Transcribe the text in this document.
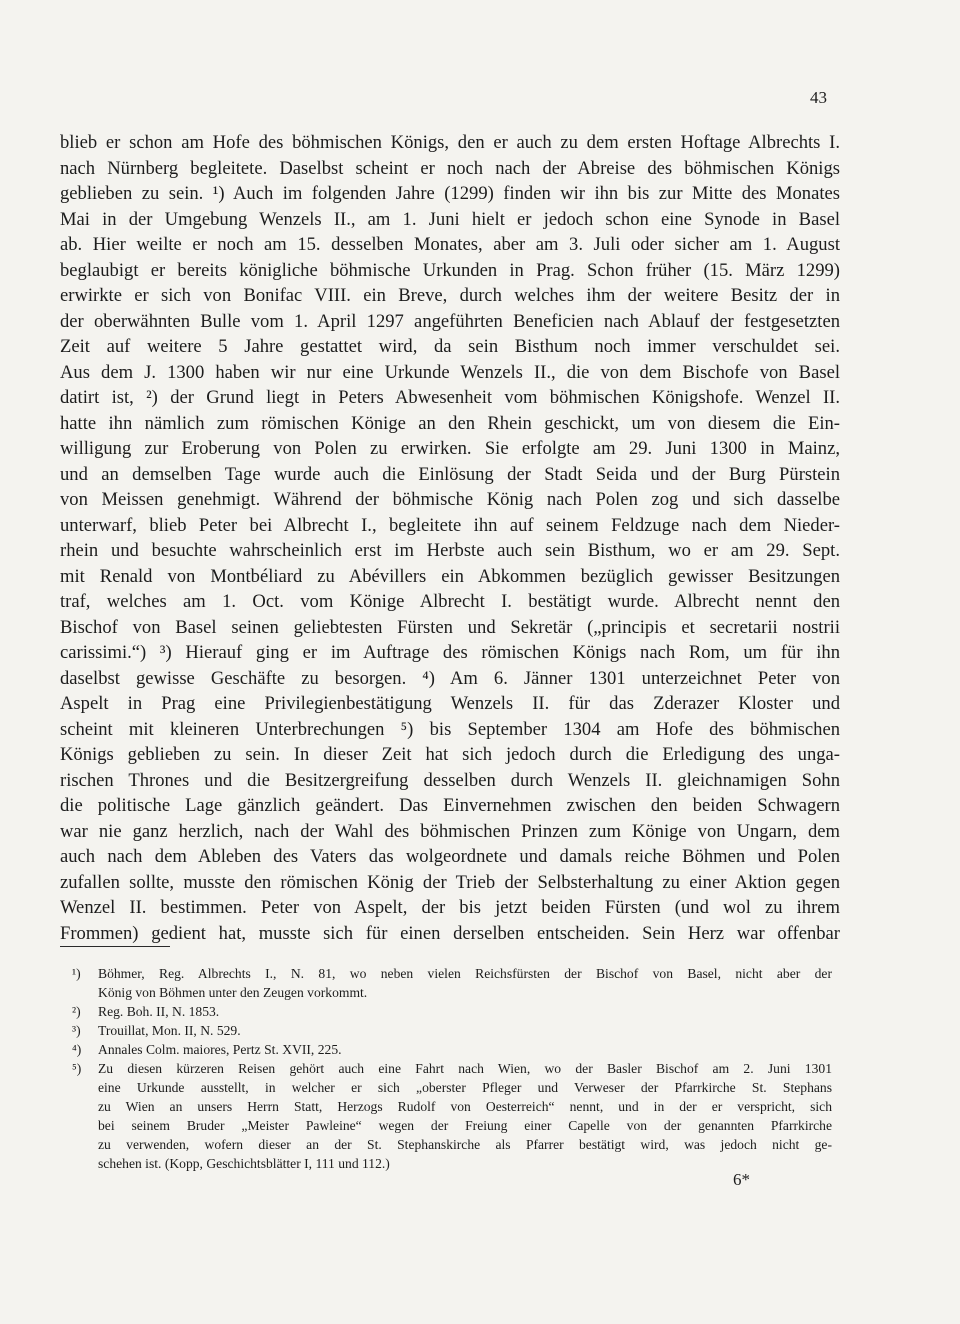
43
blieb er schon am Hofe des böhmischen Königs, den er auch zu dem ersten Hoftage Albrechts I.
nach Nürnberg begleitete. Daselbst scheint er noch nach der Abreise des böhmischen Königs
geblieben zu sein. ¹) Auch im folgenden Jahre (1299) finden wir ihn bis zur Mitte des Monates
Mai in der Umgebung Wenzels II., am 1. Juni hielt er jedoch schon eine Synode in Basel
ab. Hier weilte er noch am 15. desselben Monates, aber am 3. Juli oder sicher am 1. August
beglaubigt er bereits königliche böhmische Urkunden in Prag. Schon früher (15. März 1299)
erwirkte er sich von Bonifac VIII. ein Breve, durch welches ihm der weitere Besitz der in
der oberwähnten Bulle vom 1. April 1297 angeführten Beneficien nach Ablauf der festgesetzten
Zeit auf weitere 5 Jahre gestattet wird, da sein Bisthum noch immer verschuldet sei.
Aus dem J. 1300 haben wir nur eine Urkunde Wenzels II., die von dem Bischofe von Basel
datirt ist, ²) der Grund liegt in Peters Abwesenheit vom böhmischen Königshofe. Wenzel II.
hatte ihn nämlich zum römischen Könige an den Rhein geschickt, um von diesem die Ein-
willigung zur Eroberung von Polen zu erwirken. Sie erfolgte am 29. Juni 1300 in Mainz,
und an demselben Tage wurde auch die Einlösung der Stadt Seida und der Burg Pürstein
von Meissen genehmigt. Während der böhmische König nach Polen zog und sich dasselbe
unterwarf, blieb Peter bei Albrecht I., begleitete ihn auf seinem Feldzuge nach dem Nieder-
rhein und besuchte wahrscheinlich erst im Herbste auch sein Bisthum, wo er am 29. Sept.
mit Renald von Montbéliard zu Abévillers ein Abkommen bezüglich gewisser Besitzungen
traf, welches am 1. Oct. vom Könige Albrecht I. bestätigt wurde. Albrecht nennt den
Bischof von Basel seinen geliebtesten Fürsten und Sekretär („principis et secretarii nostrii
carissimi.“) ³) Hierauf ging er im Auftrage des römischen Königs nach Rom, um für ihn
daselbst gewisse Geschäfte zu besorgen. ⁴) Am 6. Jänner 1301 unterzeichnet Peter von
Aspelt in Prag eine Privilegienbestätigung Wenzels II. für das Zderazer Kloster und
scheint mit kleineren Unterbrechungen ⁵) bis September 1304 am Hofe des böhmischen
Königs geblieben zu sein. In dieser Zeit hat sich jedoch durch die Erledigung des unga-
rischen Thrones und die Besitzergreifung desselben durch Wenzels II. gleichnamigen Sohn
die politische Lage gänzlich geändert. Das Einvernehmen zwischen den beiden Schwagern
war nie ganz herzlich, nach der Wahl des böhmischen Prinzen zum Könige von Ungarn, dem
auch nach dem Ableben des Vaters das wolgeordnete und damals reiche Böhmen und Polen
zufallen sollte, musste den römischen König der Trieb der Selbsterhaltung zu einer Aktion gegen
Wenzel II. bestimmen. Peter von Aspelt, der bis jetzt beiden Fürsten (und wol zu ihrem
Frommen) gedient hat, musste sich für einen derselben entscheiden. Sein Herz war offenbar
¹) Böhmer, Reg. Albrechts I., N. 81, wo neben vielen Reichsfürsten der Bischof von Basel, nicht aber der
König von Böhmen unter den Zeugen vorkommt.
²) Reg. Boh. II, N. 1853.
³) Trouillat, Mon. II, N. 529.
⁴) Annales Colm. maiores, Pertz St. XVII, 225.
⁵) Zu diesen kürzeren Reisen gehört auch eine Fahrt nach Wien, wo der Basler Bischof am 2. Juni 1301
eine Urkunde ausstellt, in welcher er sich „oberster Pfleger und Verweser der Pfarrkirche St. Stephans
zu Wien an unsers Herrn Statt, Herzogs Rudolf von Oesterreich“ nennt, und in der er verspricht, sich
bei seinem Bruder „Meister Pawleine“ wegen der Freiung einer Capelle von der genannten Pfarrkirche
zu verwenden, wofern dieser an der St. Stephanskirche als Pfarrer bestätigt wird, was jedoch nicht ge-
schehen ist. (Kopp, Geschichtsblätter I, 111 und 112.)
6*
